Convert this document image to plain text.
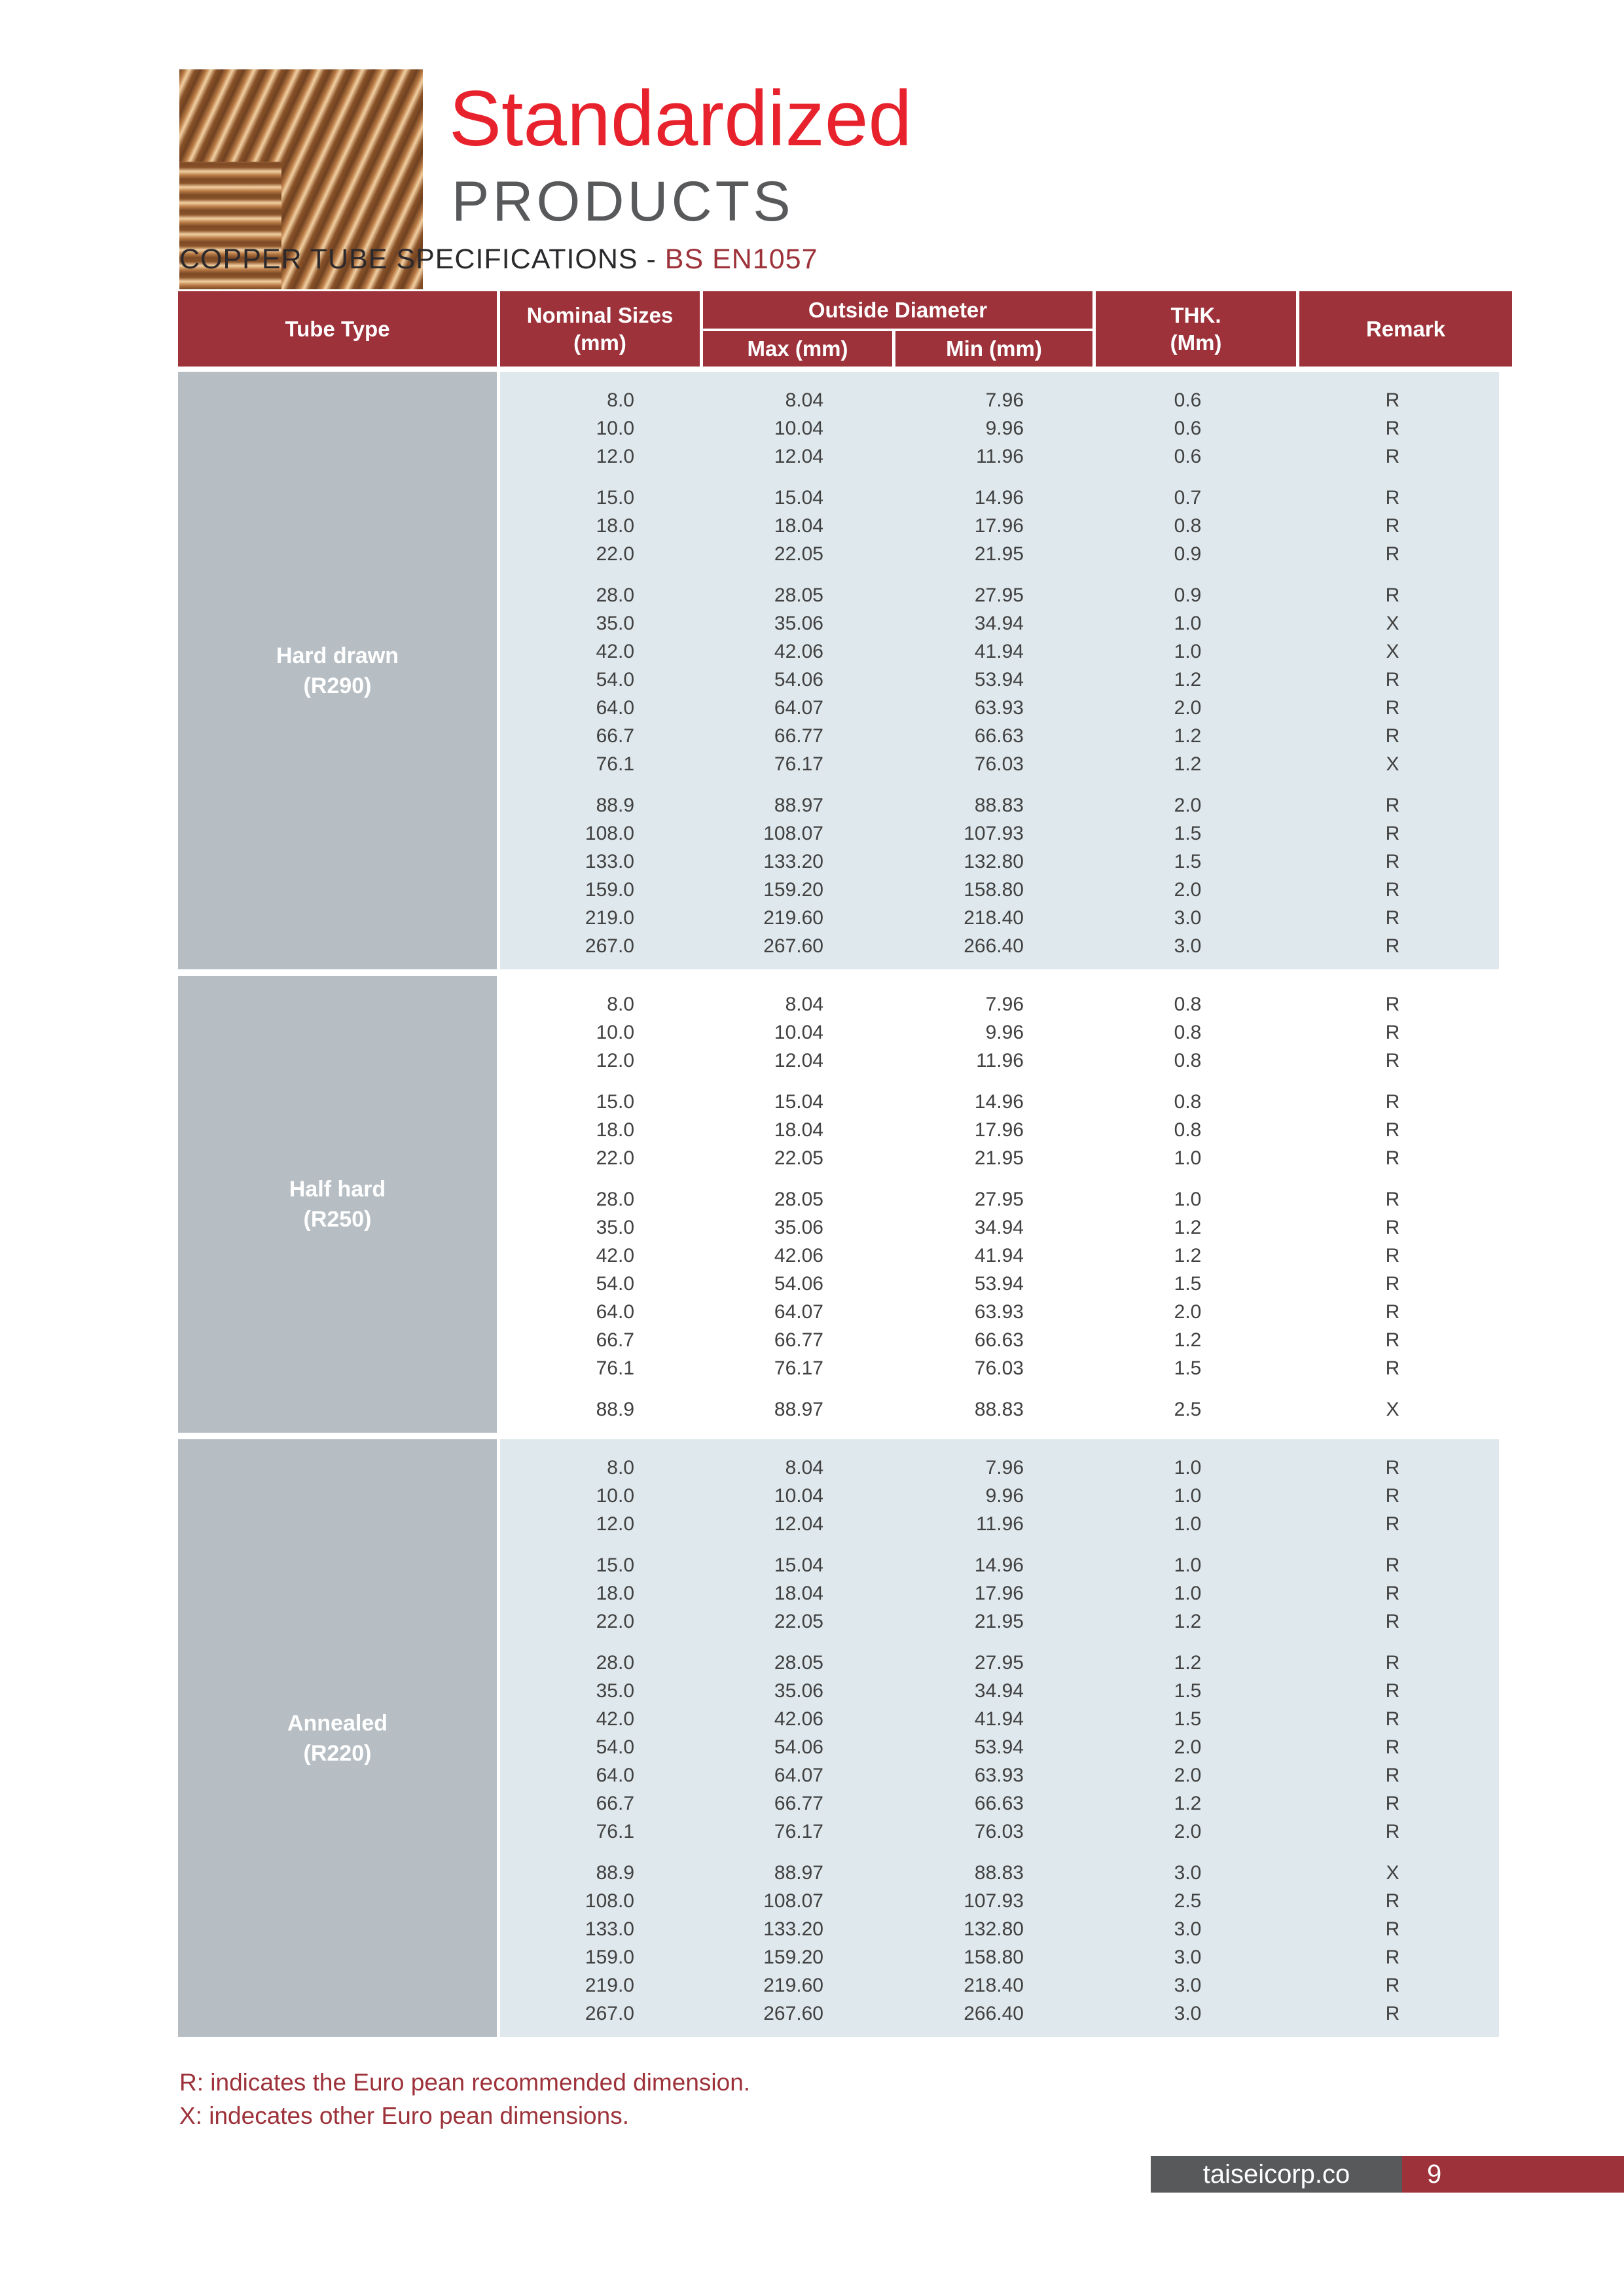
Standardized
PRODUCTS
COPPER TUBE SPECIFICATIONS - BS EN1057
Tube Type
Nominal Sizes
(mm)
Outside Diameter
Max (mm)	Min (mm)
THK.
(Mm)
Remark
Hard drawn
(R290)
8.0	8.04	7.96	0.6	R
10.0	10.04	9.96	0.6	R
12.0	12.04	11.96	0.6	R
15.0	15.04	14.96	0.7	R
18.0	18.04	17.96	0.8	R
22.0	22.05	21.95	0.9	R
28.0	28.05	27.95	0.9	R
35.0	35.06	34.94	1.0	X
42.0	42.06	41.94	1.0	X
54.0	54.06	53.94	1.2	R
64.0	64.07	63.93	2.0	R
66.7	66.77	66.63	1.2	R
76.1	76.17	76.03	1.2	X
88.9	88.97	88.83	2.0	R
108.0	108.07	107.93	1.5	R
133.0	133.20	132.80	1.5	R
159.0	159.20	158.80	2.0	R
219.0	219.60	218.40	3.0	R
267.0	267.60	266.40	3.0	R
Half hard
(R250)
8.0	8.04	7.96	0.8	R
10.0	10.04	9.96	0.8	R
12.0	12.04	11.96	0.8	R
15.0	15.04	14.96	0.8	R
18.0	18.04	17.96	0.8	R
22.0	22.05	21.95	1.0	R
28.0	28.05	27.95	1.0	R
35.0	35.06	34.94	1.2	R
42.0	42.06	41.94	1.2	R
54.0	54.06	53.94	1.5	R
64.0	64.07	63.93	2.0	R
66.7	66.77	66.63	1.2	R
76.1	76.17	76.03	1.5	R
88.9	88.97	88.83	2.5	X
Annealed
(R220)
8.0	8.04	7.96	1.0	R
10.0	10.04	9.96	1.0	R
12.0	12.04	11.96	1.0	R
15.0	15.04	14.96	1.0	R
18.0	18.04	17.96	1.0	R
22.0	22.05	21.95	1.2	R
28.0	28.05	27.95	1.2	R
35.0	35.06	34.94	1.5	R
42.0	42.06	41.94	1.5	R
54.0	54.06	53.94	2.0	R
64.0	64.07	63.93	2.0	R
66.7	66.77	66.63	1.2	R
76.1	76.17	76.03	2.0	R
88.9	88.97	88.83	3.0	X
108.0	108.07	107.93	2.5	R
133.0	133.20	132.80	3.0	R
159.0	159.20	158.80	3.0	R
219.0	219.60	218.40	3.0	R
267.0	267.60	266.40	3.0	R
R: indicates the Euro pean recommended dimension.
X: indecates other Euro pean dimensions.
taiseicorp.co	9
